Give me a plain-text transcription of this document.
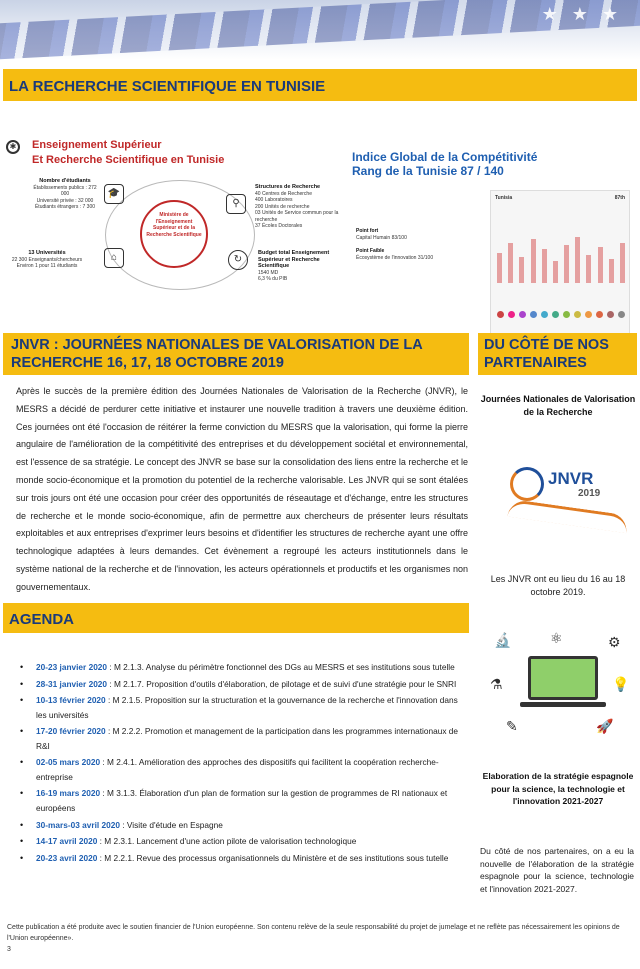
★★★
LA RECHERCHE SCIENTIFIQUE EN TUNISIE
✱	Enseignement Supérieur
Et Recherche Scientifique en Tunisie
Ministère de l'Enseignement Supérieur et de la Recherche Scientifique
Nombre d'étudiants
Établissements publics : 272 000
Université privée : 32 000
Étudiants étrangers : 7 300
🎓
13 Universités
22 300 Enseignants/chercheurs
Environ 1 pour 11 étudiants
⌂
⚲
Structures de Recherche
40 Centres de Recherche
400 Laboratoires
200 Unités de recherche
03 Unités de Service commun pour la recherche
37 Écoles Doctorales
↻
Budget total Enseignement Supérieur et Recherche Scientifique
1540 MD
6,3 % du PIB
Indice Global de la Compétitivité
Rang de la Tunisie 87 / 140
Point fort
Capital Humain 83/100
Point Faible
Écosystème de l'innovation 31/100
Tunisia	87th
JNVR : JOURNÉES NATIONALES DE VALORISATION DE LA RECHERCHE 16, 17, 18 OCTOBRE 2019
DU CÔTÉ DE NOS PARTENAIRES

Après le succès de la première édition des Journées Nationales de Valorisation de la Recherche (JNVR), le MESRS a décidé de perdurer cette initiative et instaurer une nouvelle tradition à travers une deuxième édition. Ces journées ont été l'occasion de réitérer la ferme conviction du MESRS que la valorisation, qui forme la pierre angulaire de l'amélioration de la compétitivité des entreprises et du développement sociétal et environnemental, est l'essence de sa stratégie. Le concept des JNVR se base sur la consolidation des liens entre la recherche et le monde socio-économique et la promotion du potentiel de la recherche valorisable. Les JNVR qui se sont étalées sur trois jours ont été une occasion pour créer des opportunités de réseautage et d'échange, entre les structures de recherche et le monde socio-économique, afin de permettre aux chercheurs de présenter leurs résultats exploitables et aux entreprises d'exprimer leurs besoins et d'identifier les structures de recherche ayant une offre technologique adaptées à leurs demandes. Cet évènement a regroupé les acteurs institutionnels dans le système national de la recherche et de l'innovation, les acteurs opérationnels et productifs et les organismes non gouvernementaux.

Journées Nationales de Valorisation de la Recherche
JNVR
2019
Les JNVR ont eu lieu du 16 au 18 octobre 2019.
🔬	⚛	⚙
⚗	💡
✎	🚀
Elaboration de la stratégie espagnole pour la science, la technologie et l'innovation 2021-2027
Du côté de nos partenaires, on a eu la nouvelle de l'élaboration de la stratégie espagnole pour la science, technologie et l'innovation 2021-2027.
AGENDA
• 20-23 janvier 2020 : M 2.1.3. Analyse du périmètre fonctionnel des DGs au MESRS et ses institutions sous tutelle
• 28-31 janvier 2020 : M 2.1.7. Proposition d'outils d'élaboration, de pilotage et de suivi d'une stratégie pour le SNRI
• 10-13 février 2020 : M 2.1.5. Proposition sur la structuration et la gouvernance de la recherche et l'innovation dans les universités
• 17-20 février 2020 : M 2.2.2. Promotion et management de la participation dans les programmes internationaux de R&I
• 02-05 mars 2020 : M 2.4.1. Amélioration des approches des dispositifs qui facilitent la coopération recherche-entreprise
• 16-19 mars 2020 : M 3.1.3. Élaboration d'un plan de formation sur la gestion de programmes de RI nationaux et européens
• 30-mars-03 avril 2020 : Visite d'étude en Espagne
• 14-17 avril 2020 : M 2.3.1. Lancement d'une action pilote de valorisation technologique
• 20-23 avril 2020 : M 2.2.1. Revue des processus organisationnels du Ministère et de ses institutions sous tutelle
Cette publication a été produite avec le soutien financier de l'Union européenne. Son contenu relève de la seule responsabilité du projet de jumelage et ne reflète pas nécessairement les opinions de l'Union européenne».
3
